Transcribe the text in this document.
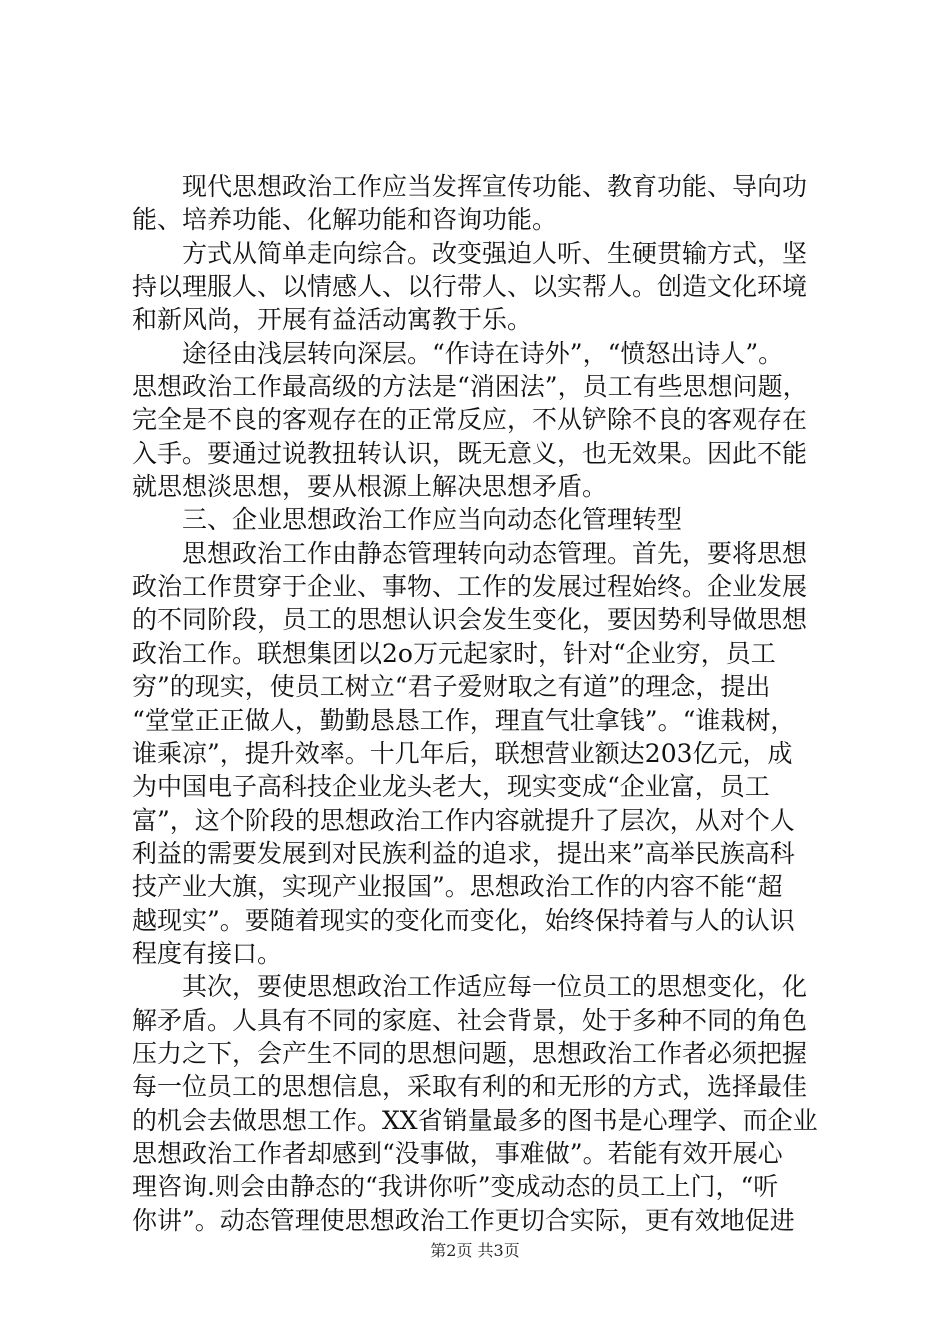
现代思想政治工作应当发挥宣传功能、教育功能、导向功
能、培养功能、化解功能和咨询功能。
方式从简单走向综合。改变强迫人听、生硬贯输方式，坚
持以理服人、以情感人、以行带人、以实帮人。创造文化环境
和新风尚，开展有益活动寓教于乐。
途径由浅层转向深层。“作诗在诗外”，“愤怒出诗人”。
思想政治工作最高级的方法是“消困法”，员工有些思想问题，
完全是不良的客观存在的正常反应，不从铲除不良的客观存在
入手。要通过说教扭转认识，既无意义，也无效果。因此不能
就思想淡思想，要从根源上解决思想矛盾。
三、企业思想政治工作应当向动态化管理转型
思想政治工作由静态管理转向动态管理。首先，要将思想
政治工作贯穿于企业、事物、工作的发展过程始终。企业发展
的不同阶段，员工的思想认识会发生变化，要因势利导做思想
政治工作。联想集团以2o万元起家时，针对“企业穷，员工
穷”的现实，使员工树立“君子爱财取之有道”的理念，提出
“堂堂正正做人，勤勤恳恳工作，理直气壮拿钱”。“谁栽树，
谁乘凉”，提升效率。十几年后，联想营业额达203亿元，成
为中国电子高科技企业龙头老大，现实变成“企业富，员工
富”，这个阶段的思想政治工作内容就提升了层次，从对个人
利益的需要发展到对民族利益的追求，提出来”高举民族高科
技产业大旗，实现产业报国”。思想政治工作的内容不能“超
越现实”。要随着现实的变化而变化，始终保持着与人的认识
程度有接口。
其次，要使思想政治工作适应每一位员工的思想变化，化
解矛盾。人具有不同的家庭、社会背景，处于多种不同的角色
压力之下，会产生不同的思想问题，思想政治工作者必须把握
每一位员工的思想信息，采取有利的和无形的方式，选择最佳
的机会去做思想工作。XX省销量最多的图书是心理学、而企业
思想政治工作者却感到“没事做，事难做”。若能有效开展心
理咨询.则会由静态的“我讲你听”变成动态的员工上门，“听
你讲”。动态管理使思想政治工作更切合实际，更有效地促进
第2页 共3页
